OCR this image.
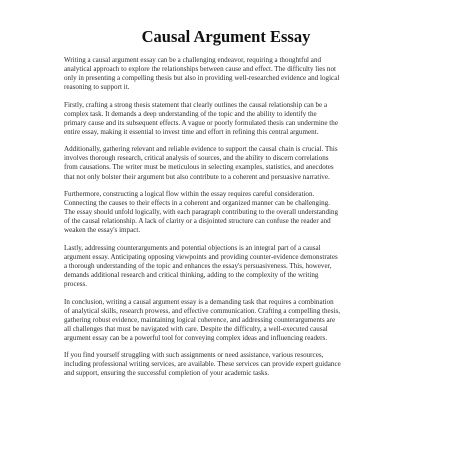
Causal Argument Essay

Writing a causal argument essay can be a challenging endeavor, requiring a thoughtful and
analytical approach to explore the relationships between cause and effect. The difficulty lies not
only in presenting a compelling thesis but also in providing well-researched evidence and logical
reasoning to support it.

Firstly, crafting a strong thesis statement that clearly outlines the causal relationship can be a
complex task. It demands a deep understanding of the topic and the ability to identify the
primary cause and its subsequent effects. A vague or poorly formulated thesis can undermine the
entire essay, making it essential to invest time and effort in refining this central argument.

Additionally, gathering relevant and reliable evidence to support the causal chain is crucial. This
involves thorough research, critical analysis of sources, and the ability to discern correlations
from causations. The writer must be meticulous in selecting examples, statistics, and anecdotes
that not only bolster their argument but also contribute to a coherent and persuasive narrative.

Furthermore, constructing a logical flow within the essay requires careful consideration.
Connecting the causes to their effects in a coherent and organized manner can be challenging.
The essay should unfold logically, with each paragraph contributing to the overall understanding
of the causal relationship. A lack of clarity or a disjointed structure can confuse the reader and
weaken the essay's impact.

Lastly, addressing counterarguments and potential objections is an integral part of a causal
argument essay. Anticipating opposing viewpoints and providing counter-evidence demonstrates
a thorough understanding of the topic and enhances the essay's persuasiveness. This, however,
demands additional research and critical thinking, adding to the complexity of the writing
process.

In conclusion, writing a causal argument essay is a demanding task that requires a combination
of analytical skills, research prowess, and effective communication. Crafting a compelling thesis,
gathering robust evidence, maintaining logical coherence, and addressing counterarguments are
all challenges that must be navigated with care. Despite the difficulty, a well-executed causal
argument essay can be a powerful tool for conveying complex ideas and influencing readers.

If you find yourself struggling with such assignments or need assistance, various resources,
including professional writing services, are available. These services can provide expert guidance
and support, ensuring the successful completion of your academic tasks.
